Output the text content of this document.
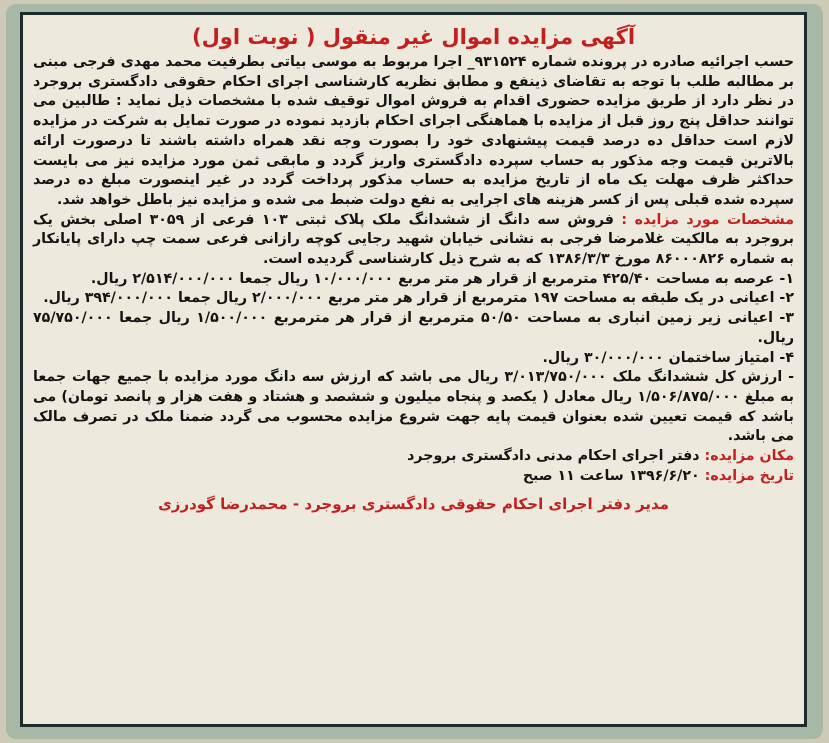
آگهی مزایده اموال غیر منقول ( نوبت اول)

حسب اجرائیه صادره در پرونده شماره ۹۳۱۵۲۴_ اجرا مربوط به موسی بیاتی بطرفیت محمد مهدی فرجی مبنی بر مطالبه طلب با توجه به تقاضای ذینفع و مطابق نظریه کارشناسی اجرای احکام حقوقی دادگستری بروجرد در نظر دارد از طریق مزایده حضوری اقدام به فروش اموال توقیف شده با مشخصات ذیل نماید : طالبین می توانند حداقل پنج روز قبل از مزایده با هماهنگی اجرای احکام بازدید نموده در صورت تمایل به شرکت در مزایده لازم است حداقل ده درصد قیمت پیشنهادی خود را بصورت وجه نقد همراه داشته باشند تا درصورت ارائه بالاترین قیمت وجه مذکور به حساب سپرده دادگستری واریز گردد و مابقی ثمن مورد مزایده نیز می بایست حداکثر ظرف مهلت یک ماه از تاریخ مزایده به حساب مذکور پرداخت گردد در غیر اینصورت مبلغ ده درصد سپرده شده قبلی پس از کسر هزینه های اجرایی به نفع دولت ضبط می شده و مزایده نیز باطل خواهد شد.

مشخصات مورد مزایده : فروش سه دانگ از ششدانگ ملک پلاک ثبتی ۱۰۳ فرعی از ۳۰۵۹ اصلی بخش یک بروجرد به مالکیت غلامرضا فرجی به نشانی خیابان شهید رجایی کوچه رازانی فرعی سمت چپ دارای پایانکار به شماره ۸۶۰۰۰۸۲۶ مورخ ۱۳۸۶/۳/۳ که به شرح ذیل کارشناسی گردیده است.

۱- عرصه به مساحت ۴۲۵/۴۰ مترمربع از قرار هر متر مربع ۱۰/۰۰۰/۰۰۰ ریال جمعا ۲/۵۱۴/۰۰۰/۰۰۰ ریال.
۲- اعیانی در یک طبقه به مساحت ۱۹۷ مترمربع از قرار هر متر مربع ۲/۰۰۰/۰۰۰ ریال جمعا ۳۹۴/۰۰۰/۰۰۰ ریال.
۳- اعیانی زیر زمین انباری به مساحت ۵۰/۵۰ مترمربع از قرار هر مترمربع ۱/۵۰۰/۰۰۰ ریال جمعا ۷۵/۷۵۰/۰۰۰ ریال.
۴- امتیاز ساختمان ۳۰/۰۰۰/۰۰۰ ریال.

- ارزش کل ششدانگ ملک ۳/۰۱۳/۷۵۰/۰۰۰ ریال می باشد که ارزش سه دانگ مورد مزایده با جمیع جهات جمعا به مبلغ ۱/۵۰۶/۸۷۵/۰۰۰ ریال معادل ( یکصد و پنجاه میلیون و ششصد و هشتاد و هفت هزار و پانصد تومان) می باشد که قیمت تعیین شده بعنوان قیمت پایه جهت شروع مزایده محسوب می گردد ضمنا ملک در تصرف مالک می باشد.

مکان مزایده: دفتر اجرای احکام مدنی دادگستری بروجرد

تاریخ مزایده: ۱۳۹۶/۶/۲۰ ساعت ۱۱ صبح

مدیر دفتر اجرای احکام حقوقی دادگستری بروجرد - محمدرضا گودرزی
